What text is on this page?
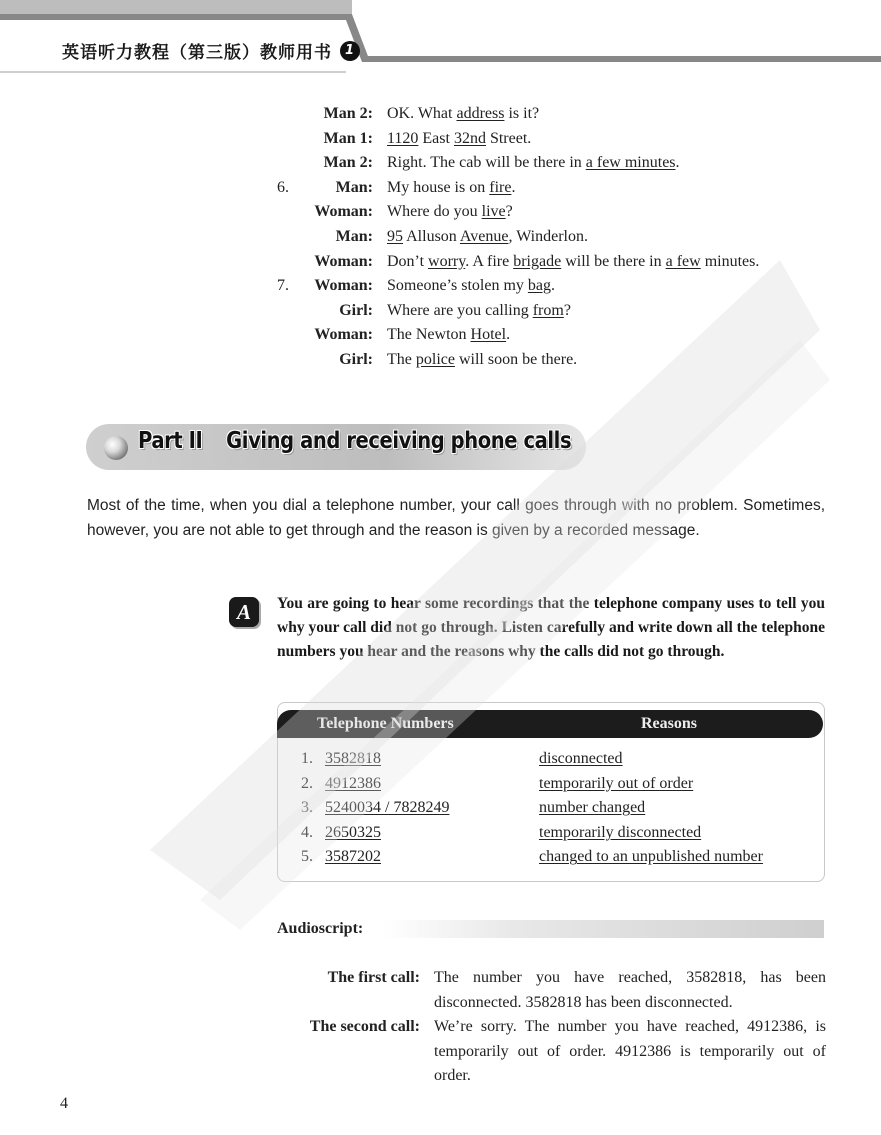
英语听力教程（第三版）教师用书 1
Man 2: OK. What address is it?
Man 1: 1120 East 32nd Street.
Man 2: Right. The cab will be there in a few minutes.
6.	Man: My house is on fire.
Woman: Where do you live?
Man: 95 Alluson Avenue, Winderlon.
Woman: Don’t worry. A fire brigade will be there in a few minutes.
7.	Woman: Someone’s stolen my bag.
Girl: Where are you calling from?
Woman: The Newton Hotel.
Girl: The police will soon be there.
Part II Giving and receiving phone calls
Most of the time, when you dial a telephone number, your call goes through with no problem. Sometimes, however, you are not able to get through and the reason is given by a recorded message.
A	You are going to hear some recordings that the telephone company uses to tell you why your call did not go through. Listen carefully and write down all the telephone numbers you hear and the reasons why the calls did not go through.
Telephone Numbers	Reasons
1. 3582818	disconnected
2. 4912386	temporarily out of order
3. 5240034 / 7828249	number changed
4. 2650325	temporarily disconnected
5. 3587202	changed to an unpublished number
Audioscript:
The first call: The number you have reached, 3582818, has been disconnected. 3582818 has been disconnected.
The second call: We’re sorry. The number you have reached, 4912386, is temporarily out of order. 4912386 is temporarily out of order.
4
